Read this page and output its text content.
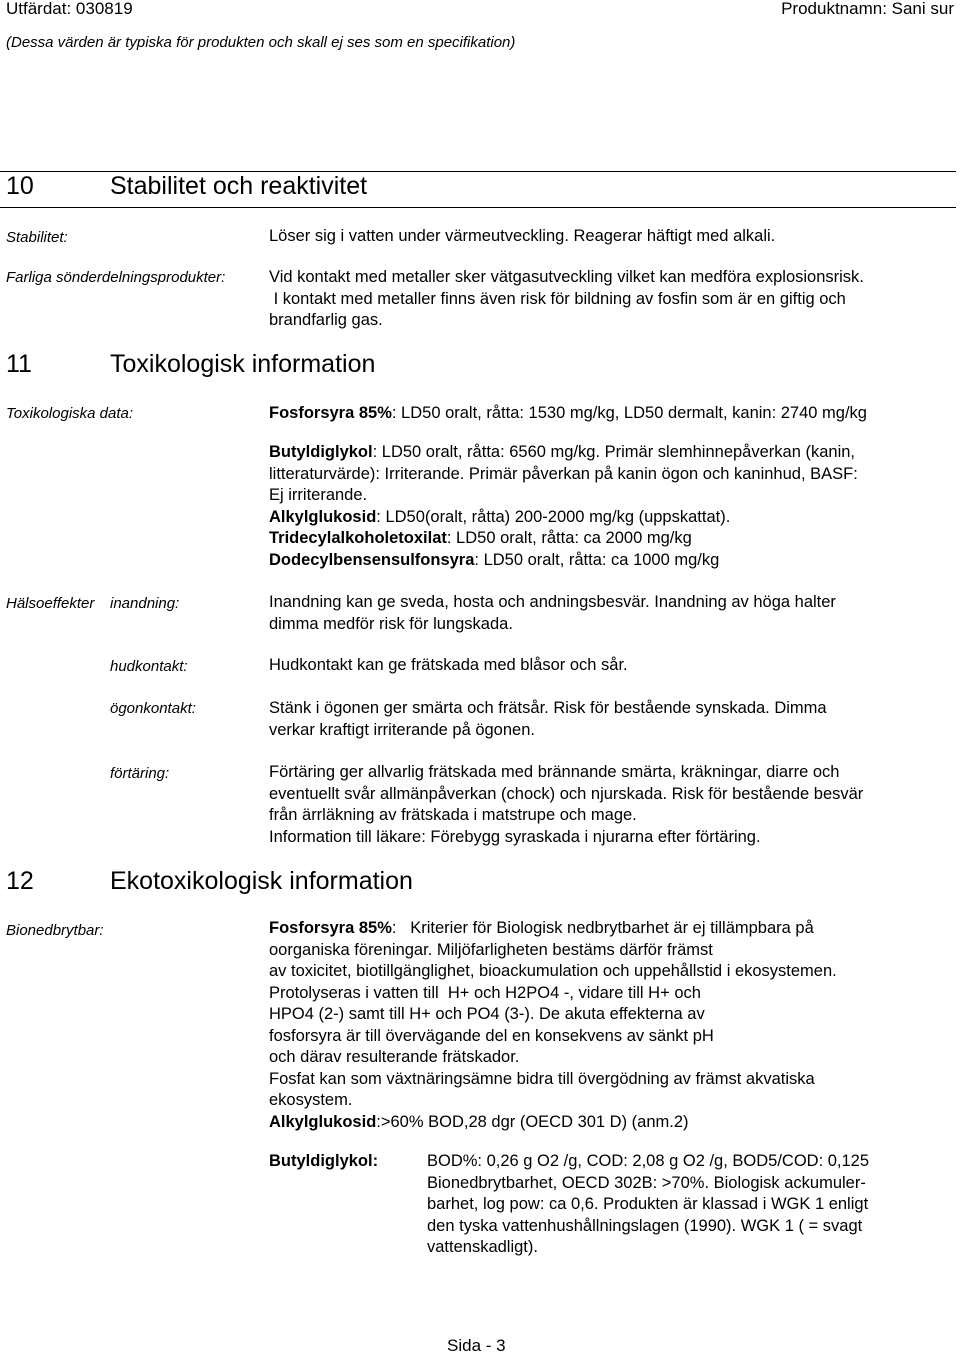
Utfärdat: 030819	Produktnamn: Sani sur
(Dessa värden är typiska för produkten och skall ej ses som en specifikation)
10	Stabilitet och reaktivitet
Stabilitet:	Löser sig i vatten under värmeutveckling. Reagerar häftigt med alkali.
Farliga sönderdelningsprodukter:	Vid kontakt med metaller sker vätgasutveckling vilket kan medföra explosionsrisk.
I kontakt med metaller finns även risk för bildning av fosfin som är en giftig och
brandfarlig gas.
11	Toxikologisk information
Toxikologiska data:	Fosforsyra 85%: LD50 oralt, råtta: 1530 mg/kg, LD50 dermalt, kanin: 2740 mg/kg
Butyldiglykol: LD50 oralt, råtta: 6560 mg/kg. Primär slemhinnepåverkan (kanin,
litteraturvärde): Irriterande. Primär påverkan på kanin ögon och kaninhud, BASF:
Ej irriterande.
Alkylglukosid: LD50(oralt, råtta) 200-2000 mg/kg (uppskattat).
Tridecylalkoholetoxilat: LD50 oralt, råtta: ca 2000 mg/kg
Dodecylbensensulfonsyra: LD50 oralt, råtta: ca 1000 mg/kg
Hälsoeffekter inandning:	Inandning kan ge sveda, hosta och andningsbesvär. Inandning av höga halter
dimma medför risk för lungskada.
hudkontakt:	Hudkontakt kan ge frätskada med blåsor och sår.
ögonkontakt:	Stänk i ögonen ger smärta och frätsår. Risk för bestående synskada. Dimma
verkar kraftigt irriterande på ögonen.
förtäring:	Förtäring ger allvarlig frätskada med brännande smärta, kräkningar, diarre och
eventuellt svår allmänpåverkan (chock) och njurskada. Risk för bestående besvär
från ärrläkning av frätskada i matstrupe och mage.
Information till läkare: Förebygg syraskada i njurarna efter förtäring.
12	Ekotoxikologisk information
Bionedbrytbar:	Fosforsyra 85%:   Kriterier för Biologisk nedbrytbarhet är ej tillämpbara på
oorganiska föreningar. Miljöfarligheten bestäms därför främst
av toxicitet, biotillgänglighet, bioackumulation och uppehållstid i ekosystemen.
Protolyseras i vatten till  H+ och H2PO4 -, vidare till H+ och
HPO4 (2-) samt till H+ och PO4 (3-). De akuta effekterna av
fosforsyra är till övervägande del en konsekvens av sänkt pH
och därav resulterande frätskador.
Fosfat kan som växtnäringsämne bidra till övergödning av främst akvatiska
ekosystem.
Alkylglukosid:>60% BOD,28 dgr (OECD 301 D) (anm.2)
Butyldiglykol:	BOD%: 0,26 g O2 /g, COD: 2,08 g O2 /g, BOD5/COD: 0,125
Bionedbrytbarhet, OECD 302B: >70%. Biologisk ackumuler-
barhet, log pow: ca 0,6. Produkten är klassad i WGK 1 enligt
den tyska vattenhushållningslagen (1990). WGK 1 ( = svagt
vattenskadligt).
Sida - 3
